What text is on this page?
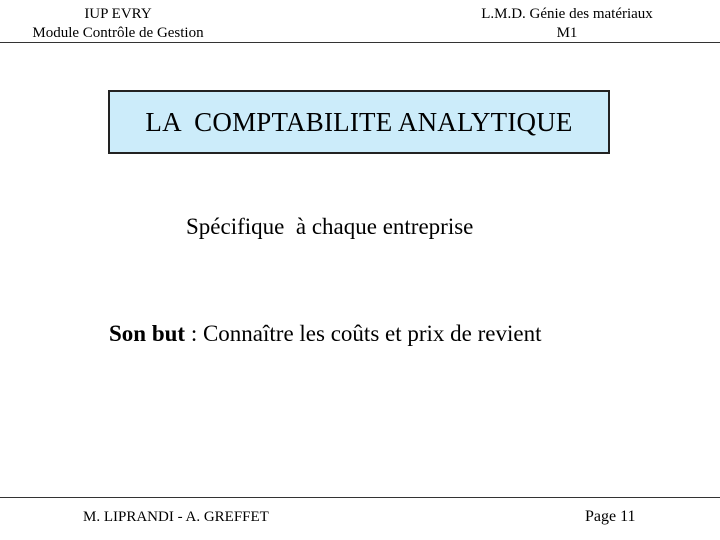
IUP EVRY
Module Contrôle de Gestion
L.M.D. Génie des matériaux
M1
LA  COMPTABILITE ANALYTIQUE
Spécifique  à chaque entreprise
Son but : Connaître les coûts et prix de revient
M. LIPRANDI - A. GREFFET	Page 11
